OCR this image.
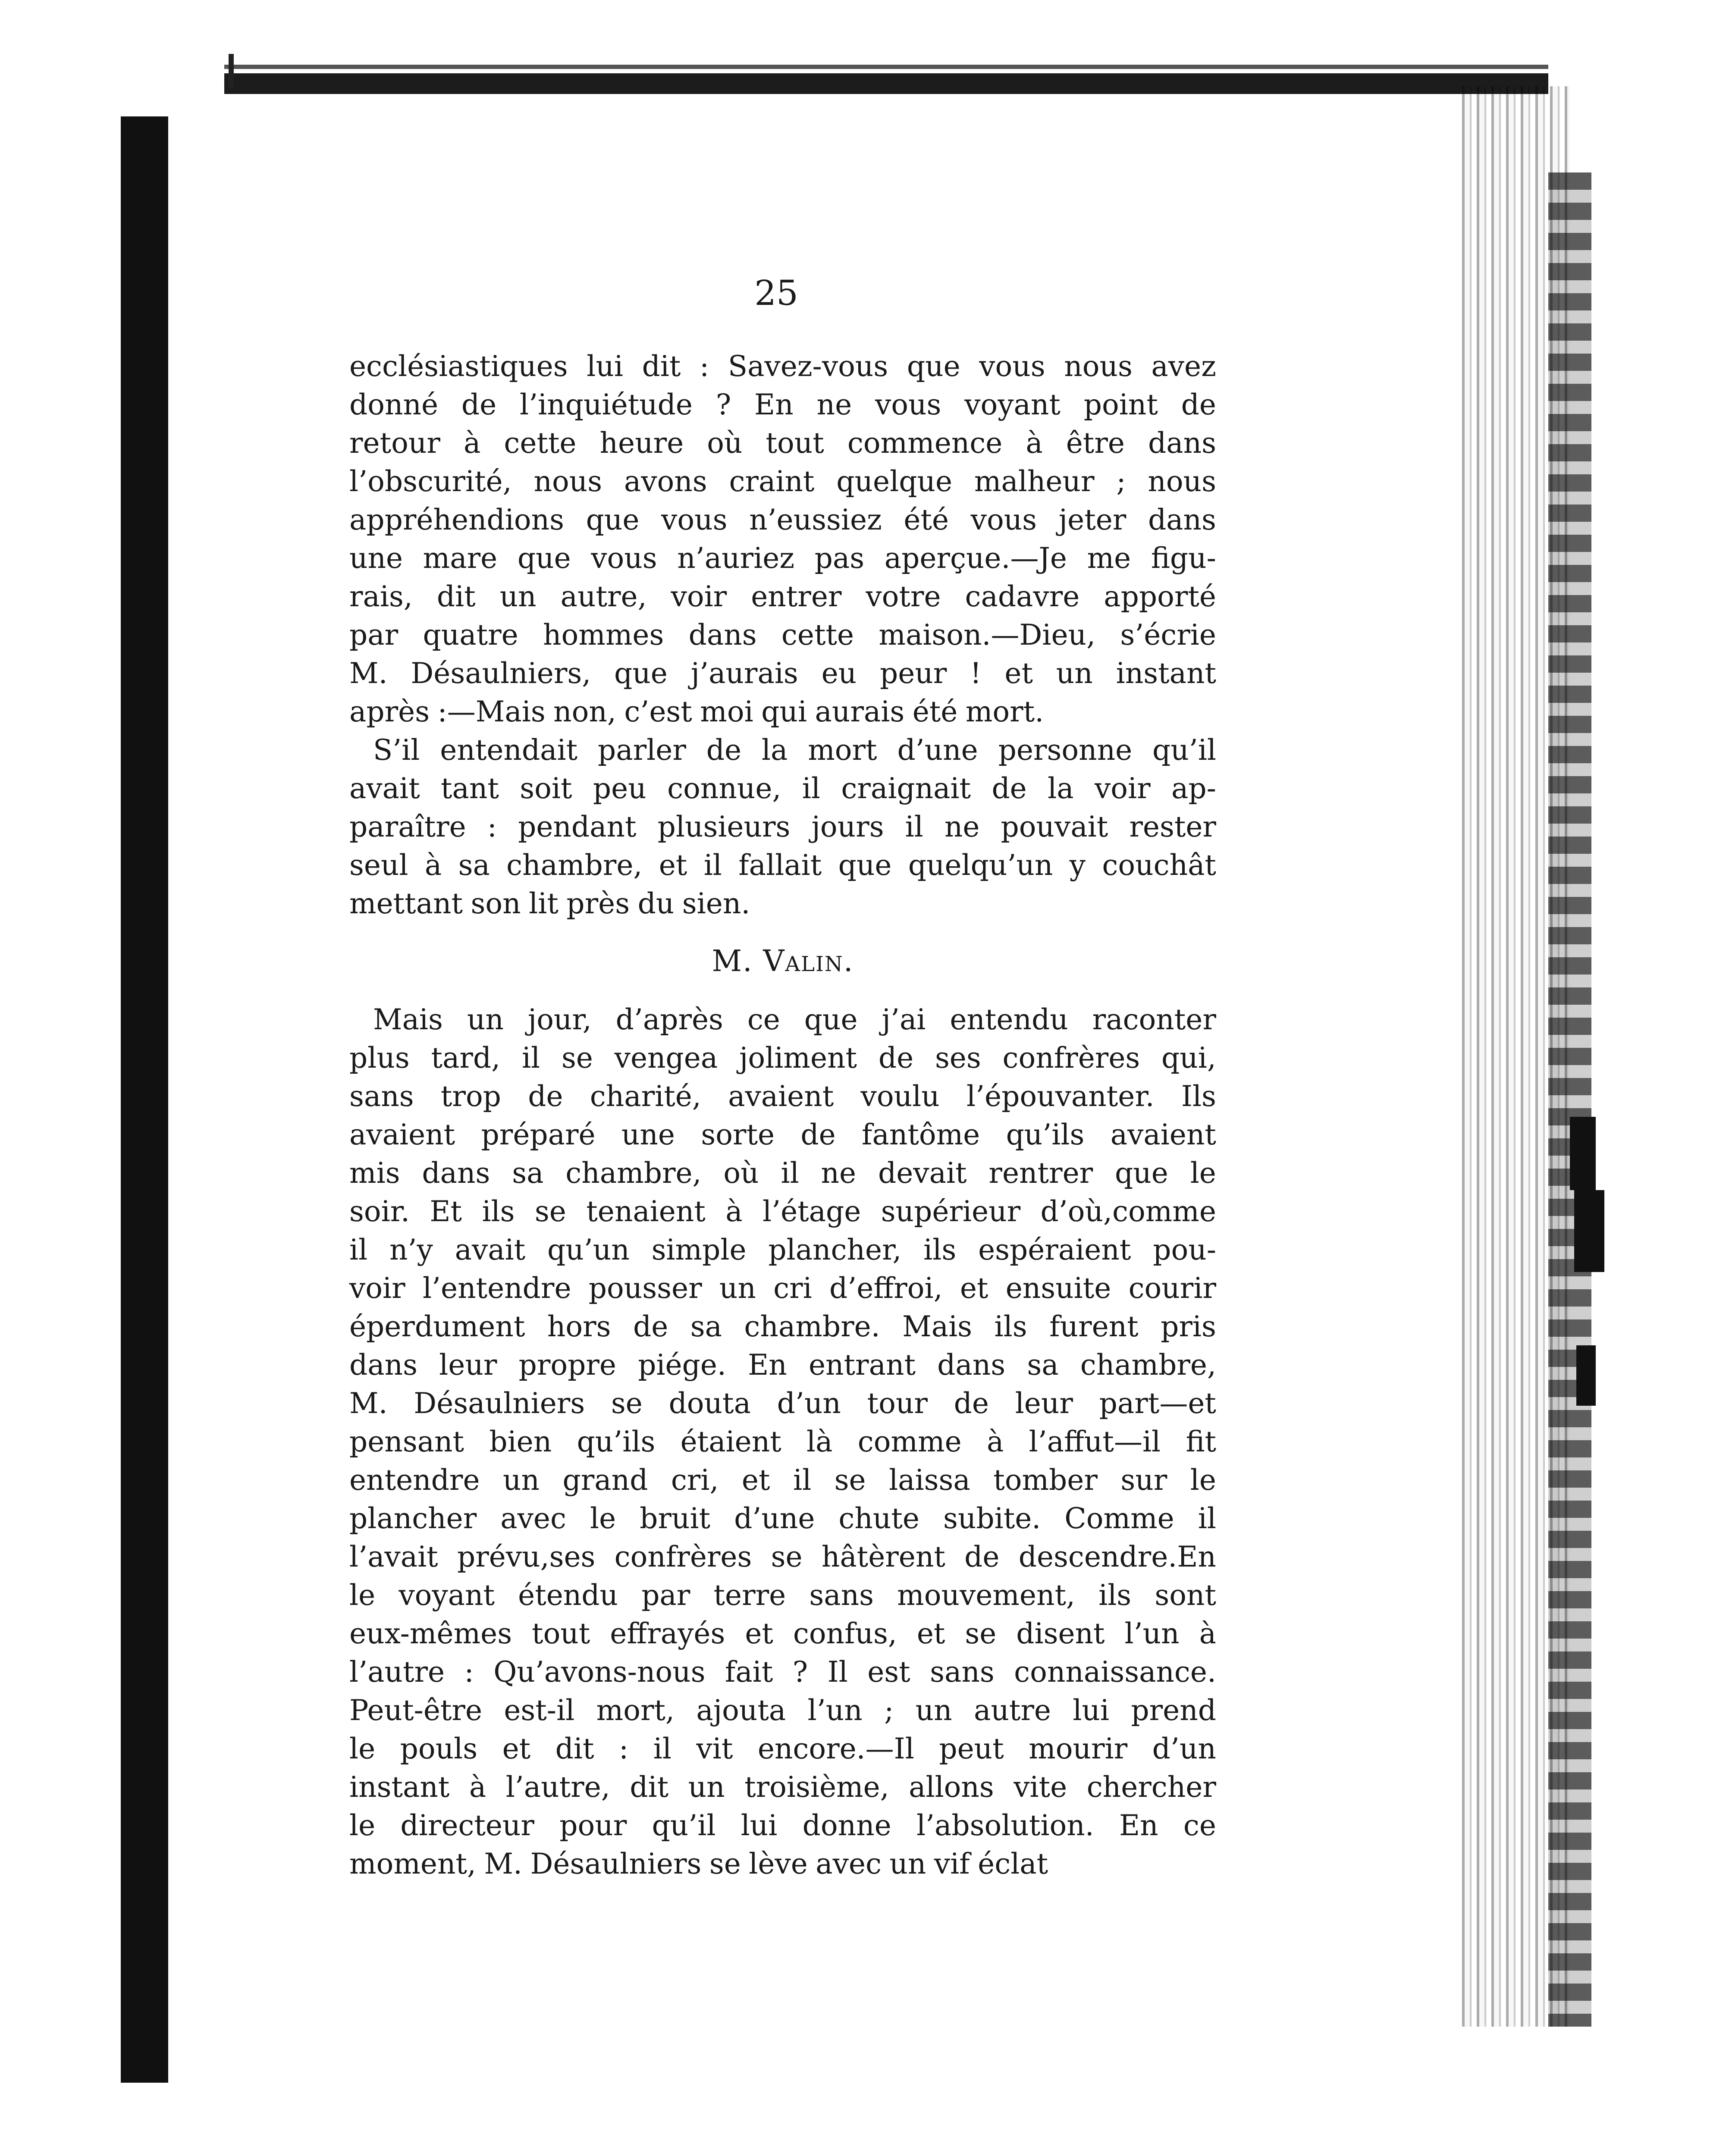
25
ecclésiastiques lui dit : Savez-vous que vous nous avez
donné de l’inquiétude ? En ne vous voyant point de
retour à cette heure où tout commence à être dans
l’obscurité, nous avons craint quelque malheur ; nous
appréhendions que vous n’eussiez été vous jeter dans
une mare que vous n’auriez pas aperçue.—Je me figu-
rais, dit un autre, voir entrer votre cadavre apporté
par quatre hommes dans cette maison.—Dieu, s’écrie
M. Désaulniers, que j’aurais eu peur ! et un instant
après :—Mais non, c’est moi qui aurais été mort.
S’il entendait parler de la mort d’une personne qu’il
avait tant soit peu connue, il craignait de la voir ap-
paraître : pendant plusieurs jours il ne pouvait rester
seul à sa chambre, et il fallait que quelqu’un y couchât
mettant son lit près du sien.
M. Valin.
Mais un jour, d’après ce que j’ai entendu raconter
plus tard, il se vengea joliment de ses confrères qui,
sans trop de charité, avaient voulu l’épouvanter. Ils
avaient préparé une sorte de fantôme qu’ils avaient
mis dans sa chambre, où il ne devait rentrer que le
soir. Et ils se tenaient à l’étage supérieur d’où,comme
il n’y avait qu’un simple plancher, ils espéraient pou-
voir l’entendre pousser un cri d’effroi, et ensuite courir
éperdument hors de sa chambre. Mais ils furent pris
dans leur propre piége. En entrant dans sa chambre,
M. Désaulniers se douta d’un tour de leur part—et
pensant bien qu’ils étaient là comme à l’affut—il fit
entendre un grand cri, et il se laissa tomber sur le
plancher avec le bruit d’une chute subite. Comme il
l’avait prévu,ses confrères se hâtèrent de descendre.En
le voyant étendu par terre sans mouvement, ils sont
eux-mêmes tout effrayés et confus, et se disent l’un à
l’autre : Qu’avons-nous fait ? Il est sans connaissance.
Peut-être est-il mort, ajouta l’un ; un autre lui prend
le pouls et dit : il vit encore.—Il peut mourir d’un
instant à l’autre, dit un troisième, allons vite chercher
le directeur pour qu’il lui donne l’absolution. En ce
moment, M. Désaulniers se lève avec un vif éclat
